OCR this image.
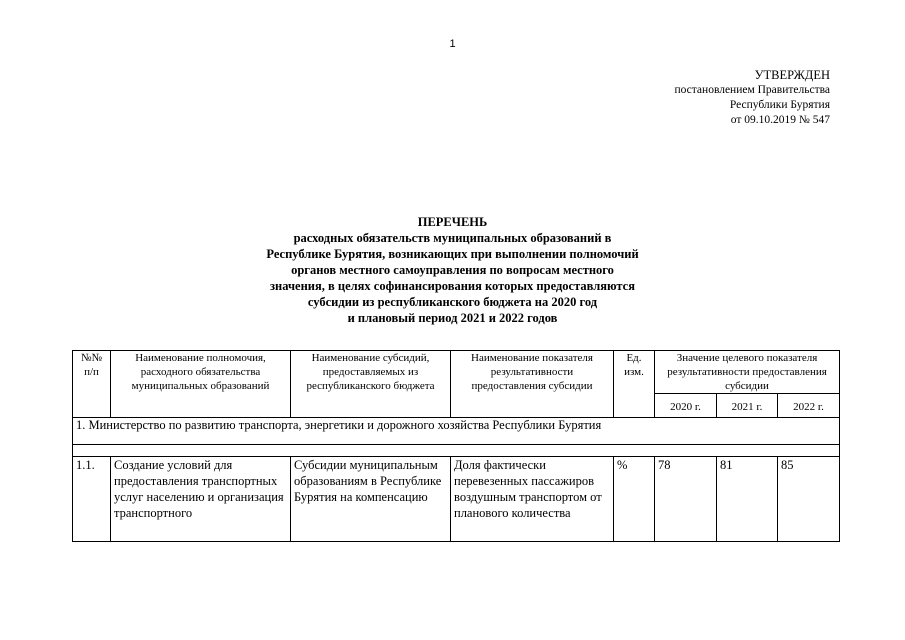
1
УТВЕРЖДЕН
постановлением Правительства
Республики Бурятия
от 09.10.2019 № 547
ПЕРЕЧЕНЬ
расходных обязательств муниципальных образований в
Республике Бурятия, возникающих при выполнении полномочий
органов местного самоуправления по вопросам местного
значения, в целях софинансирования которых предоставляются
субсидии из республиканского бюджета на 2020 год
и плановый период 2021 и 2022 годов
№№ п/п	Наименование полномочия, расходного обязательства муниципальных образований	Наименование субсидий, предоставляемых из республиканского бюджета	Наименование показателя результативности предоставления субсидии	Ед. изм.	Значение целевого показателя результативности предоставления субсидии		
					2020 г.	2021 г.	2022 г.
1. Министерство по развитию транспорта, энергетики и дорожного хозяйства Республики Бурятия							

1.1.	Создание условий для предоставления транспортных услуг населению и организация транспортного	Субсидии муниципальным образованиям в Республике Бурятия на компенсацию	Доля фактически перевезенных пассажиров воздушным транспортом от планового количества	%	78	81	85
